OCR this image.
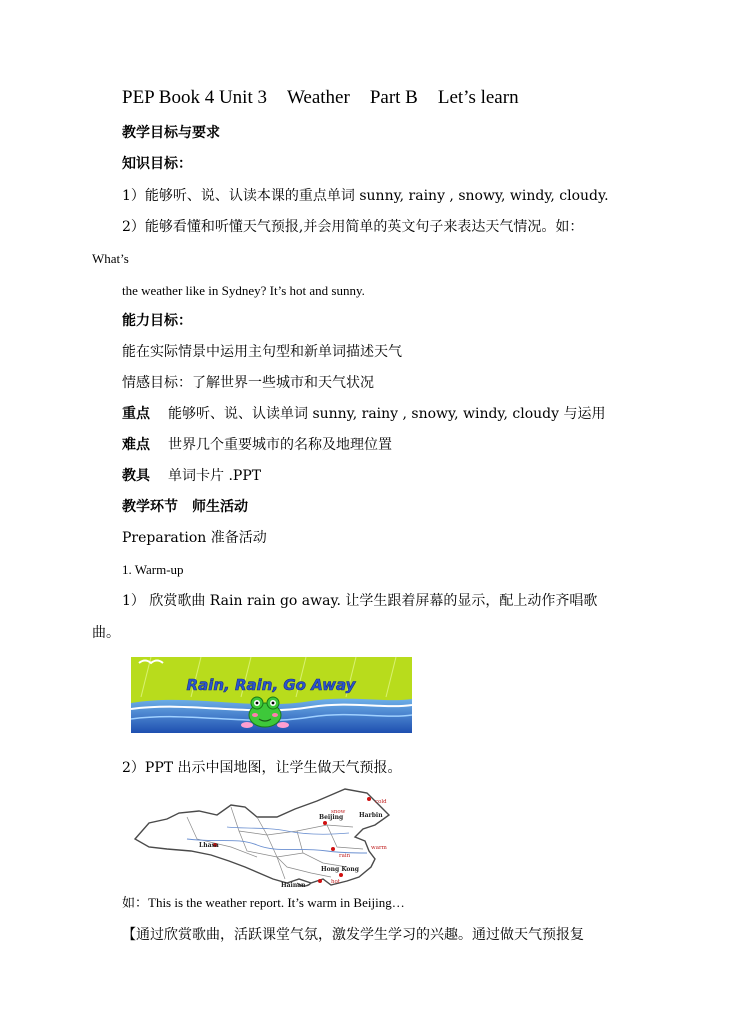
PEP Book 4 Unit 3 Weather Part B Let’s learn
教学目标与要求
知识目标：
1）能够听、说、认读本课的重点单词 sunny, rainy , snowy, windy, cloudy.
2）能够看懂和听懂天气预报,并会用简单的英文句子来表达天气情况。如：
What’s
the weather like in Sydney? It’s hot and sunny.
能力目标：
能在实际情景中运用主句型和新单词描述天气
情感目标：了解世界一些城市和天气状况
重点 能够听、说、认读单词 sunny, rainy , snowy, windy, cloudy 与运用
难点 世界几个重要城市的名称及地理位置
教具 单词卡片 .PPT
教学环节 师生活动
Preparation 准备活动
1. Warm-up
1） 欣赏歌曲 Rain rain go away. 让学生跟着屏幕的显示，配上动作齐唱歌
曲。
Rain, Rain, Go Away
2）PPT 出示中国地图，让学生做天气预报。
Harbin
Beijing
Lhasa
Hong Kong
Hainan
cold
snow
warm
rain
hot
如：This is the weather report. It’s warm in Beijing…
【通过欣赏歌曲，活跃课堂气氛，激发学生学习的兴趣。通过做天气预报复
